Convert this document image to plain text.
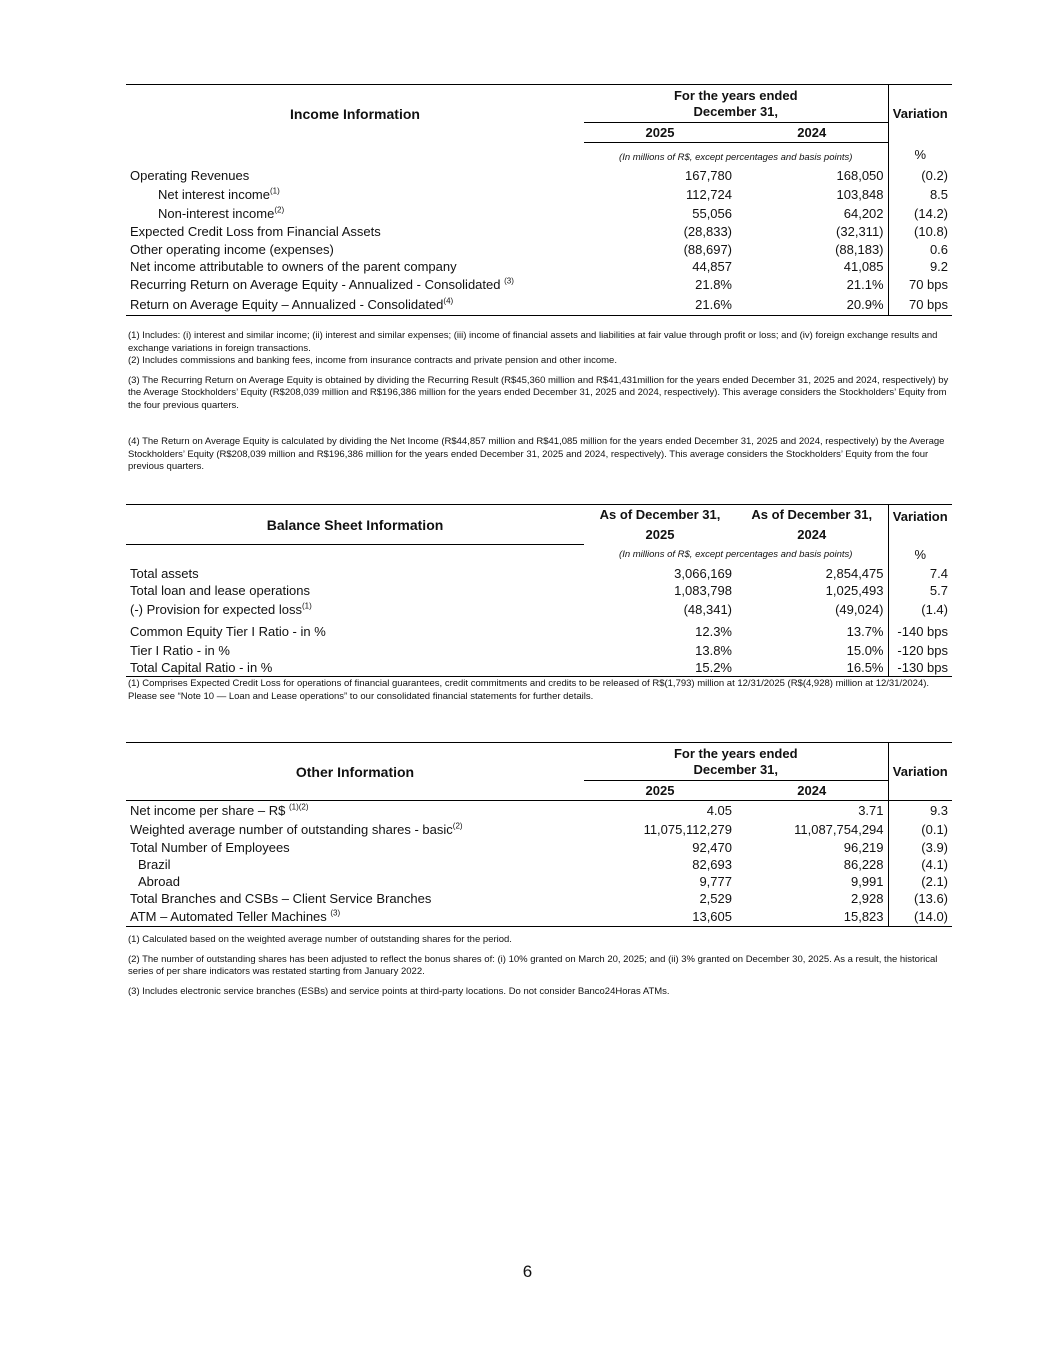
Income Information	For the years ended
December 31,		Variation
	2025	2024	
	(In millions of R$, except percentages and basis points)		%
Operating Revenues	167,780	168,050	(0.2)
Net interest income$^{(1)}$	112,724	103,848	8.5
Non-interest income$^{(2)}$	55,056	64,202	(14.2)
Expected Credit Loss from Financial Assets	(28,833)	(32,311)	(10.8)
Other operating income (expenses)	(88,697)	(88,183)	0.6
Net income attributable to owners of the parent company	44,857	41,085	9.2
Recurring Return on Average Equity - Annualized - Consolidated $^{(3)}$	21.8%	21.1%	70 bps
Return on Average Equity – Annualized - Consolidated$^{(4)}$	21.6%	20.9%	70 bps

(1) Includes: (i) interest and similar income; (ii) interest and similar expenses; (iii) income of financial assets and liabilities at fair value through profit or loss; and (iv) foreign exchange results and exchange variations in foreign transactions.
(2) Includes commissions and banking fees, income from insurance contracts and private pension and other income.

(3) The Recurring Return on Average Equity is obtained by dividing the Recurring Result (R$45,360 million and R$41,431million for the years ended December 31, 2025 and 2024, respectively) by the Average Stockholders’ Equity (R$208,039 million and R$196,386 million for the years ended December 31, 2025 and 2024, respectively). This average considers the Stockholders’ Equity from the four previous quarters.

(4) The Return on Average Equity is calculated by dividing the Net Income (R$44,857 million and R$41,085 million for the years ended December 31, 2025 and 2024, respectively) by the Average Stockholders’ Equity (R$208,039 million and R$196,386 million for the years ended December 31, 2025 and 2024, respectively). This average considers the Stockholders’ Equity from the four previous quarters.

Balance Sheet Information	As of December 31,	As of December 31,	Variation
	2025	2024	
	(In millions of R$, except percentages and basis points)		%
Total assets	3,066,169	2,854,475	7.4
Total loan and lease operations	1,083,798	1,025,493	5.7
(-) Provision for expected loss$^{(1)}$	(48,341)	(49,024)	(1.4)
Common Equity Tier I Ratio - in %	12.3%	13.7%	-140 bps
Tier I Ratio - in %	13.8%	15.0%	-120 bps
Total Capital Ratio - in %	15.2%	16.5%	-130 bps

(1) Comprises Expected Credit Loss for operations of financial guarantees, credit commitments and credits to be released of R$(1,793) million at 12/31/2025 (R$(4,928) million at 12/31/2024). Please see “Note 10 — Loan and Lease operations” to our consolidated financial statements for further details.

Other Information	For the years ended
December 31,		Variation
	2025	2024	
Net income per share – R$ $^{(1)(2)}$	4.05	3.71	9.3
Weighted average number of outstanding shares - basic$^{(2)}$	11,075,112,279	11,087,754,294	(0.1)
Total Number of Employees	92,470	96,219	(3.9)
Brazil	82,693	86,228	(4.1)
Abroad	9,777	9,991	(2.1)
Total Branches and CSBs – Client Service Branches	2,529	2,928	(13.6)
ATM – Automated Teller Machines $^{(3)}$	13,605	15,823	(14.0)

(1) Calculated based on the weighted average number of outstanding shares for the period.

(2) The number of outstanding shares has been adjusted to reflect the bonus shares of: (i) 10% granted on March 20, 2025; and (ii) 3% granted on December 30, 2025. As a result, the historical series of per share indicators was restated starting from January 2022.

(3) Includes electronic service branches (ESBs) and service points at third-party locations. Do not consider Banco24Horas ATMs.

6
